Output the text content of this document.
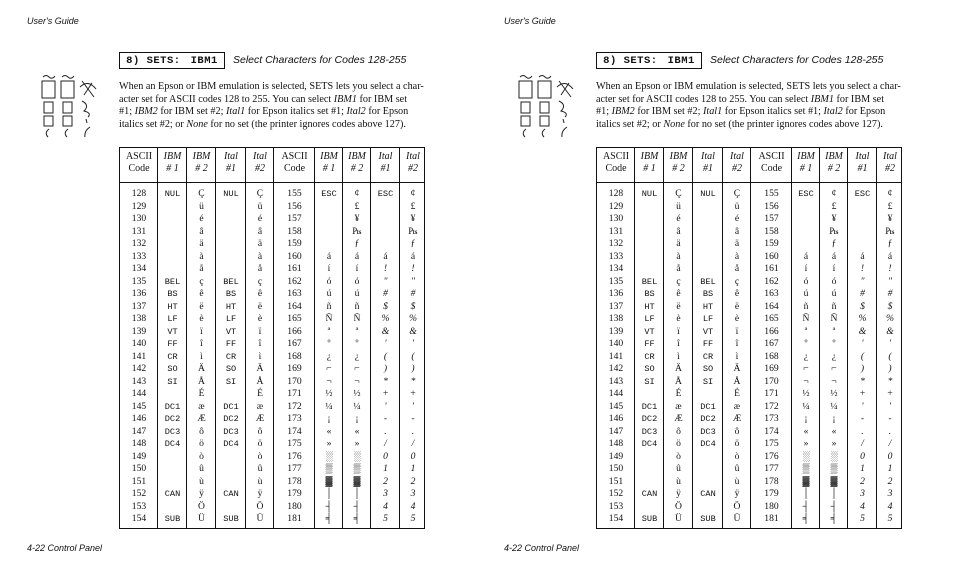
User's Guide
8) SETS: IBM1 Select Characters for Codes 128-255
When an Epson or IBM emulation is selected, SETS lets you select a char-
acter set for ASCII codes 128 to 255. You can select IBM1 for IBM set
#1; IBM2 for IBM set #2; Ital1 for Epson italics set #1; Ital2 for Epson
italics set #2; or None for no set (the printer ignores codes above 127).
ASCII
Code
128
129
130
131
132
133
134
135
136
137
138
139
140
141
142
143
144
145
146
147
148
149
150
151
152
153
154
IBM
# 1
NUL
BEL
BS
HT
LF
VT
FF
CR
SO
SI
DC1
DC2
DC3
DC4
CAN
SUB
IBM
# 2
Ç
ü
é
â
ä
à
å
ç
ê
ë
è
ï
î
ì
Ä
Å
É
æ
Æ
ô
ö
ò
û
ù
ÿ
Ö
Ü
Ital
#1
NUL
BEL
BS
HT
LF
VT
FF
CR
SO
SI
DC1
DC2
DC3
DC4
CAN
SUB
Ital
#2
Ç
ü
é
â
ä
à
å
ç
ê
ë
è
ï
î
ì
Ä
Å
É
æ
Æ
ô
ö
ò
û
ù
ÿ
Ö
Ü
ASCII
Code
155
156
157
158
159
160
161
162
163
164
165
166
167
168
169
170
171
172
173
174
175
176
177
178
179
180
181
IBM
# 1
ESC
á
í
ó
ú
ñ
Ñ
ª
º
¿
⌐
¬
½
¼
¡
«
»
░
▒
▓
│
┤
╡
IBM
# 2
¢
£
¥
₧
ƒ
á
í
ó
ú
ñ
Ñ
ª
º
¿
⌐
¬
½
¼
¡
«
»
░
▒
▓
│
┤
╡
Ital
#1
ESC
á
!
"
#
$
%
&
'
(
)
*
+
'
-
.
/
0
1
2
3
4
5
Ital
#2
¢
£
¥
₧
ƒ
á
!
"
#
$
%
&
'
(
)
*
+
'
-
.
/
0
1
2
3
4
5
4-22 Control Panel
User's Guide
8) SETS: IBM1 Select Characters for Codes 128-255
When an Epson or IBM emulation is selected, SETS lets you select a char-
acter set for ASCII codes 128 to 255. You can select IBM1 for IBM set
#1; IBM2 for IBM set #2; Ital1 for Epson italics set #1; Ital2 for Epson
italics set #2; or None for no set (the printer ignores codes above 127).
ASCII
Code
128
129
130
131
132
133
134
135
136
137
138
139
140
141
142
143
144
145
146
147
148
149
150
151
152
153
154
IBM
# 1
NUL
BEL
BS
HT
LF
VT
FF
CR
SO
SI
DC1
DC2
DC3
DC4
CAN
SUB
IBM
# 2
Ç
ü
é
â
ä
à
å
ç
ê
ë
è
ï
î
ì
Ä
Å
É
æ
Æ
ô
ö
ò
û
ù
ÿ
Ö
Ü
Ital
#1
NUL
BEL
BS
HT
LF
VT
FF
CR
SO
SI
DC1
DC2
DC3
DC4
CAN
SUB
Ital
#2
Ç
ü
é
â
ä
à
å
ç
ê
ë
è
ï
î
ì
Ä
Å
É
æ
Æ
ô
ö
ò
û
ù
ÿ
Ö
Ü
ASCII
Code
155
156
157
158
159
160
161
162
163
164
165
166
167
168
169
170
171
172
173
174
175
176
177
178
179
180
181
IBM
# 1
ESC
á
í
ó
ú
ñ
Ñ
ª
º
¿
⌐
¬
½
¼
¡
«
»
░
▒
▓
│
┤
╡
IBM
# 2
¢
£
¥
₧
ƒ
á
í
ó
ú
ñ
Ñ
ª
º
¿
⌐
¬
½
¼
¡
«
»
░
▒
▓
│
┤
╡
Ital
#1
ESC
á
!
"
#
$
%
&
'
(
)
*
+
'
-
.
/
0
1
2
3
4
5
Ital
#2
¢
£
¥
₧
ƒ
á
!
"
#
$
%
&
'
(
)
*
+
'
-
.
/
0
1
2
3
4
5
4-22 Control Panel
